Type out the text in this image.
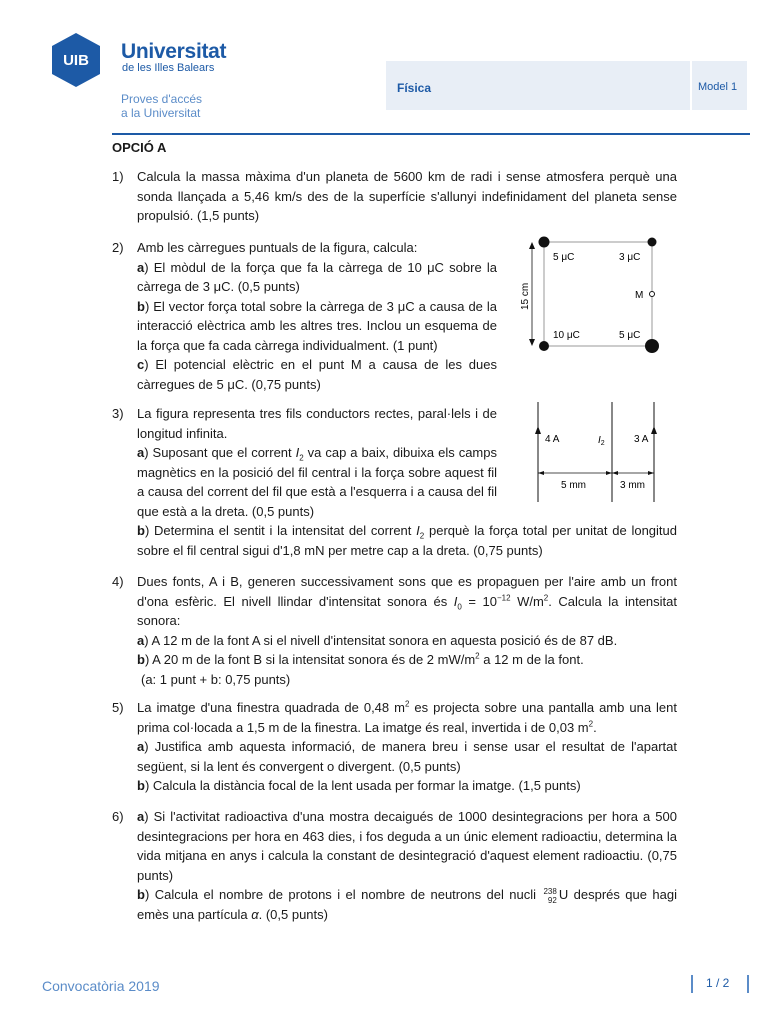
UIB Universitat
de les Illes Balears
Proves d'accés
a la Universitat
Física	Model 1
OPCIÓ A
1) Calcula la massa màxima d'un planeta de 5600 km de radi i sense atmosfera perquè una sonda llançada a 5,46 km/s des de la superfície s'allunyi indefinidament del planeta sense propulsió. (1,5 punts)
2) Amb les càrregues puntuals de la figura, calcula:
a) El mòdul de la força que fa la càrrega de 10 μC sobre la càrrega de 3 μC. (0,5 punts)
b) El vector força total sobre la càrrega de 3 μC a causa de la interacció elèctrica amb les altres tres. Inclou un esquema de la força que fa cada càrrega individualment. (1 punt)
c) El potencial elèctric en el punt M a causa de les dues càrregues de 5 μC. (0,75 punts)
5 μC	3 μC
10 μC	5 μC
M
15 cm
3) La figura representa tres fils conductors rectes, paral·lels i de longitud infinita.
a) Suposant que el corrent $I_2$ va cap a baix, dibuixa els camps magnètics en la posició del fil central i la força sobre aquest fil a causa del corrent del fil que està a l'esquerra i a causa del fil que està a la dreta. (0,5 punts)
b) Determina el sentit i la intensitat del corrent $I_2$ perquè la força total per unitat de longitud sobre el fil central sigui d'1,8 mN per metre cap a la dreta. (0,75 punts)
4 A	$I_2$	3 A
5 mm	3 mm
4) Dues fonts, A i B, generen successivament sons que es propaguen per l'aire amb un front d'ona esfèric. El nivell llindar d'intensitat sonora és $I_0 = 10^{-12}$ $W/m^2$. Calcula la intensitat sonora:
a) A 12 m de la font A si el nivell d'intensitat sonora en aquesta posició és de 87 dB.
b) A 20 m de la font B si la intensitat sonora és de 2 $mW/m^2$ a 12 m de la font.
(a: 1 punt + b: 0,75 punts)
5) La imatge d'una finestra quadrada de 0,48 $m^2$ es projecta sobre una pantalla amb una lent prima col·locada a 1,5 m de la finestra. La imatge és real, invertida i de 0,03 $m^2$.
a) Justifica amb aquesta informació, de manera breu i sense usar el resultat de l'apartat següent, si la lent és convergent o divergent. (0,5 punts)
b) Calcula la distància focal de la lent usada per formar la imatge. (1,5 punts)
6) a) Si l'activitat radioactiva d'una mostra decaigués de 1000 desintegracions per hora a 500 desintegracions per hora en 463 dies, i fos deguda a un únic element radioactiu, determina la vida mitjana en anys i calcula la constant de desintegració d'aquest element radioactiu. (0,75 punts)
b) Calcula el nombre de protons i el nombre de neutrons del nucli 238
92 U després que hagi emès una partícula α. (0,5 punts)
Convocatòria 2019	1 / 2
